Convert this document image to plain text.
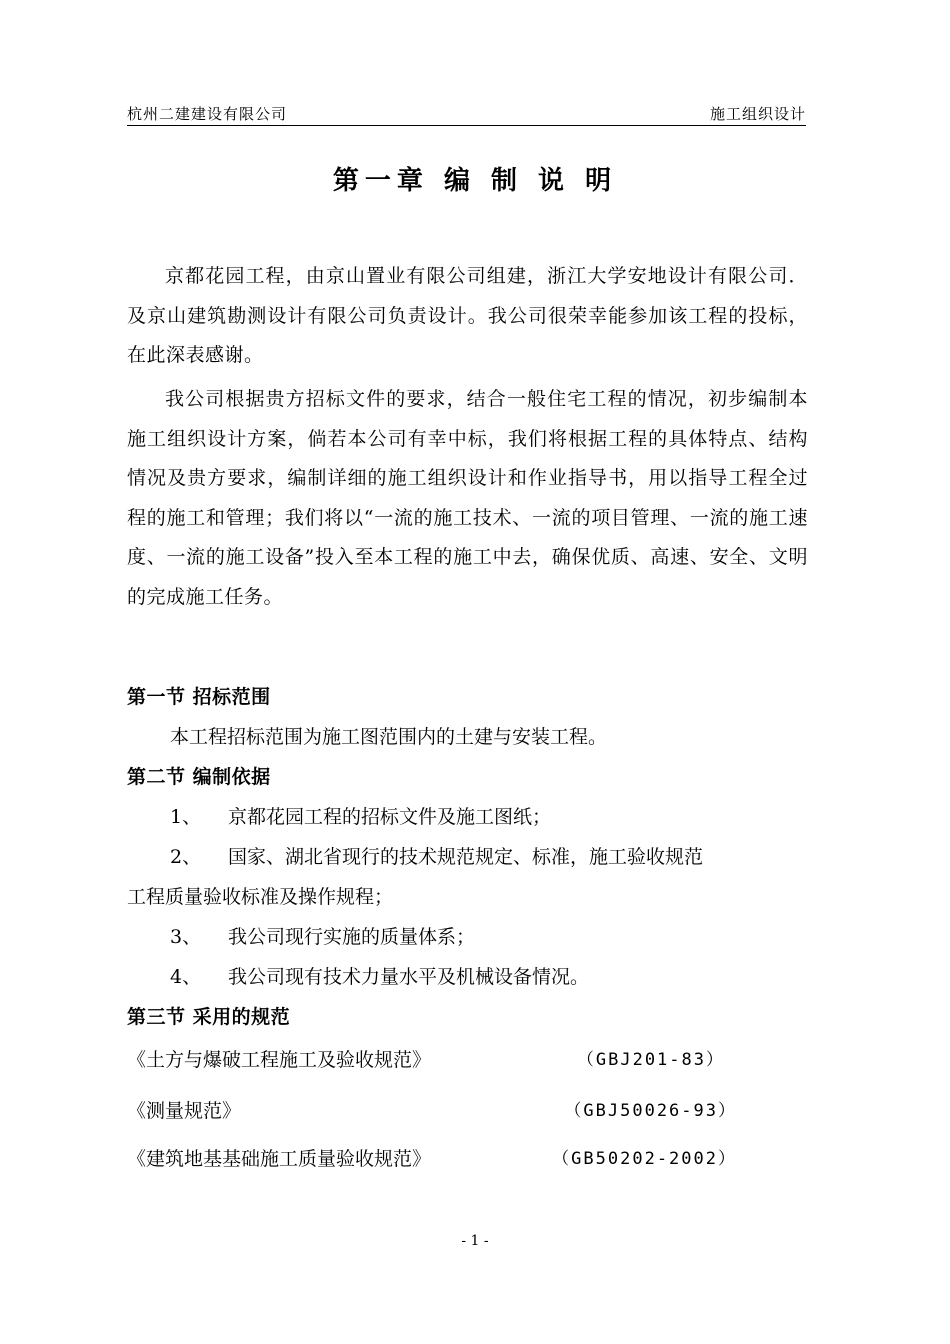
杭州二建建设有限公司	施工组织设计
第一章 编 制 说 明
京都花园工程，由京山置业有限公司组建，浙江大学安地设计有限公司．及京山建筑勘测设计有限公司负责设计。我公司很荣幸能参加该工程的投标，在此深表感谢。
我公司根据贵方招标文件的要求，结合一般住宅工程的情况，初步编制本施工组织设计方案，倘若本公司有幸中标，我们将根据工程的具体特点、结构情况及贵方要求，编制详细的施工组织设计和作业指导书，用以指导工程全过程的施工和管理；我们将以“一流的施工技术、一流的项目管理、一流的施工速度、一流的施工设备”投入至本工程的施工中去，确保优质、高速、安全、文明的完成施工任务。
第一节 招标范围
本工程招标范围为施工图范围内的土建与安装工程。
第二节 编制依据
1、 京都花园工程的招标文件及施工图纸；
2、 国家、湖北省现行的技术规范规定、标准，施工验收规范
工程质量验收标准及操作规程；
3、 我公司现行实施的质量体系；
4、 我公司现有技术力量水平及机械设备情况。
第三节 采用的规范
《土方与爆破工程施工及验收规范》	（GBJ201-83）
《测量规范》	（GBJ50026-93）
《建筑地基基础施工质量验收规范》	（GB50202-2002）
- 1 -
